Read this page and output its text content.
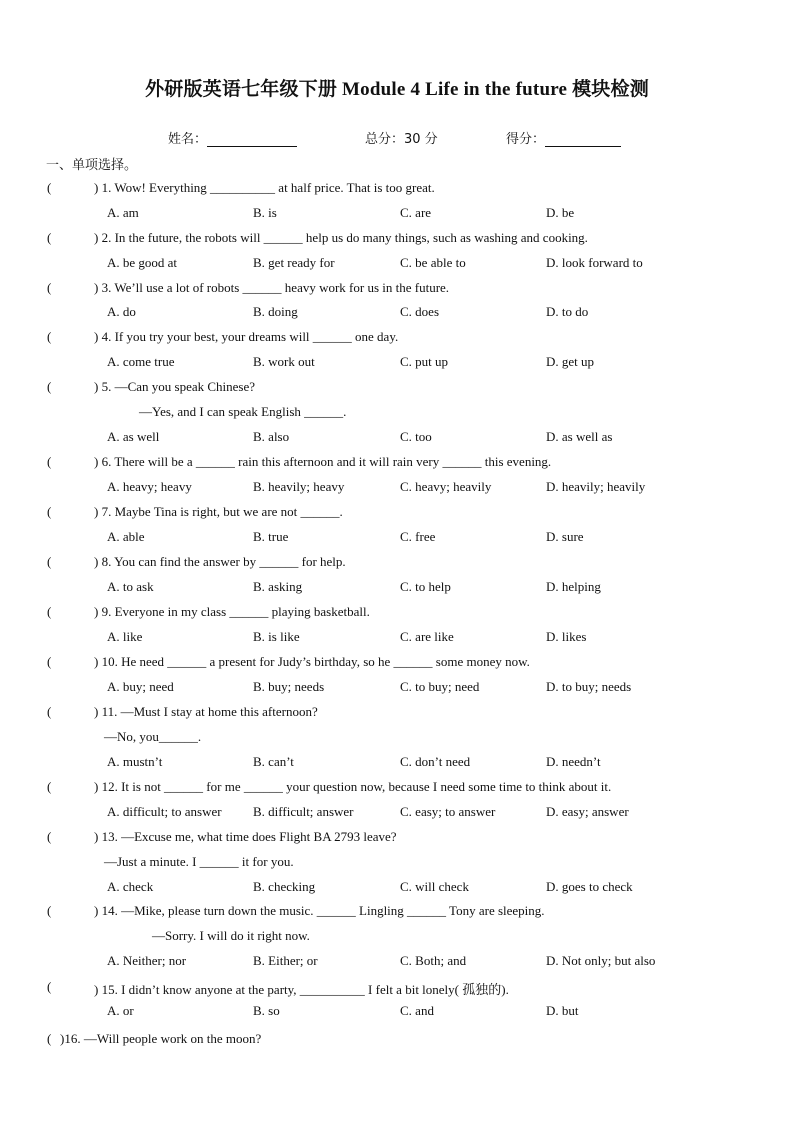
外研版英语七年级下册 Module 4 Life in the future 模块检测
姓名：	总分：30 分	得分：
一、单项选择。
(	) 1. Wow! Everything __________ at half price. That is too great.
A. am	B. is	C. are	D. be
(	) 2. In the future, the robots will ______ help us do many things, such as washing and cooking.
A. be good at	B. get ready for	C. be able to	D. look forward to
(	) 3. We’ll use a lot of robots ______ heavy work for us in the future.
A. do	B. doing	C. does	D. to do
(	) 4. If you try your best, your dreams will ______ one day.
A. come true	B. work out	C. put up	D. get up
(	) 5. —Can you speak Chinese?
—Yes, and I can speak English ______.
A. as well	B. also	C. too	D. as well as
(	) 6. There will be a ______ rain this afternoon and it will rain very ______ this evening.
A. heavy; heavy	B. heavily; heavy	C. heavy; heavily	D. heavily; heavily
(	) 7. Maybe Tina is right, but we are not ______.
A. able	B. true	C. free	D. sure
(	) 8. You can find the answer by ______ for help.
A. to ask	B. asking	C. to help	D. helping
(	) 9. Everyone in my class ______ playing basketball.
A. like	B. is like	C. are like	D. likes
(	) 10. He need ______ a present for Judy’s birthday, so he ______ some money now.
A. buy; need	B. buy; needs	C. to buy; need	D. to buy; needs
(	) 11. —Must I stay at home this afternoon?
—No, you______.
A. mustn’t	B. can’t	C. don’t need	D. needn’t
(	) 12. It is not ______ for me ______ your question now, because I need some time to think about it.
A. difficult; to answer B. difficult; answer	C. easy; to answer	D. easy; answer
(	) 13. —Excuse me, what time does Flight BA 2793 leave?
—Just a minute. I ______ it for you.
A. check	B. checking	C. will check	D. goes to check
(	) 14. —Mike, please turn down the music. ______ Lingling ______ Tony are sleeping.
—Sorry. I will do it right now.
A. Neither; nor	B. Either; or	C. Both; and	D. Not only; but also
(	) 15. I didn’t know anyone at the party, __________ I felt a bit lonely( 孤独的).
A. or	B. so	C. and	D. but
( )16. —Will people work on the moon?
